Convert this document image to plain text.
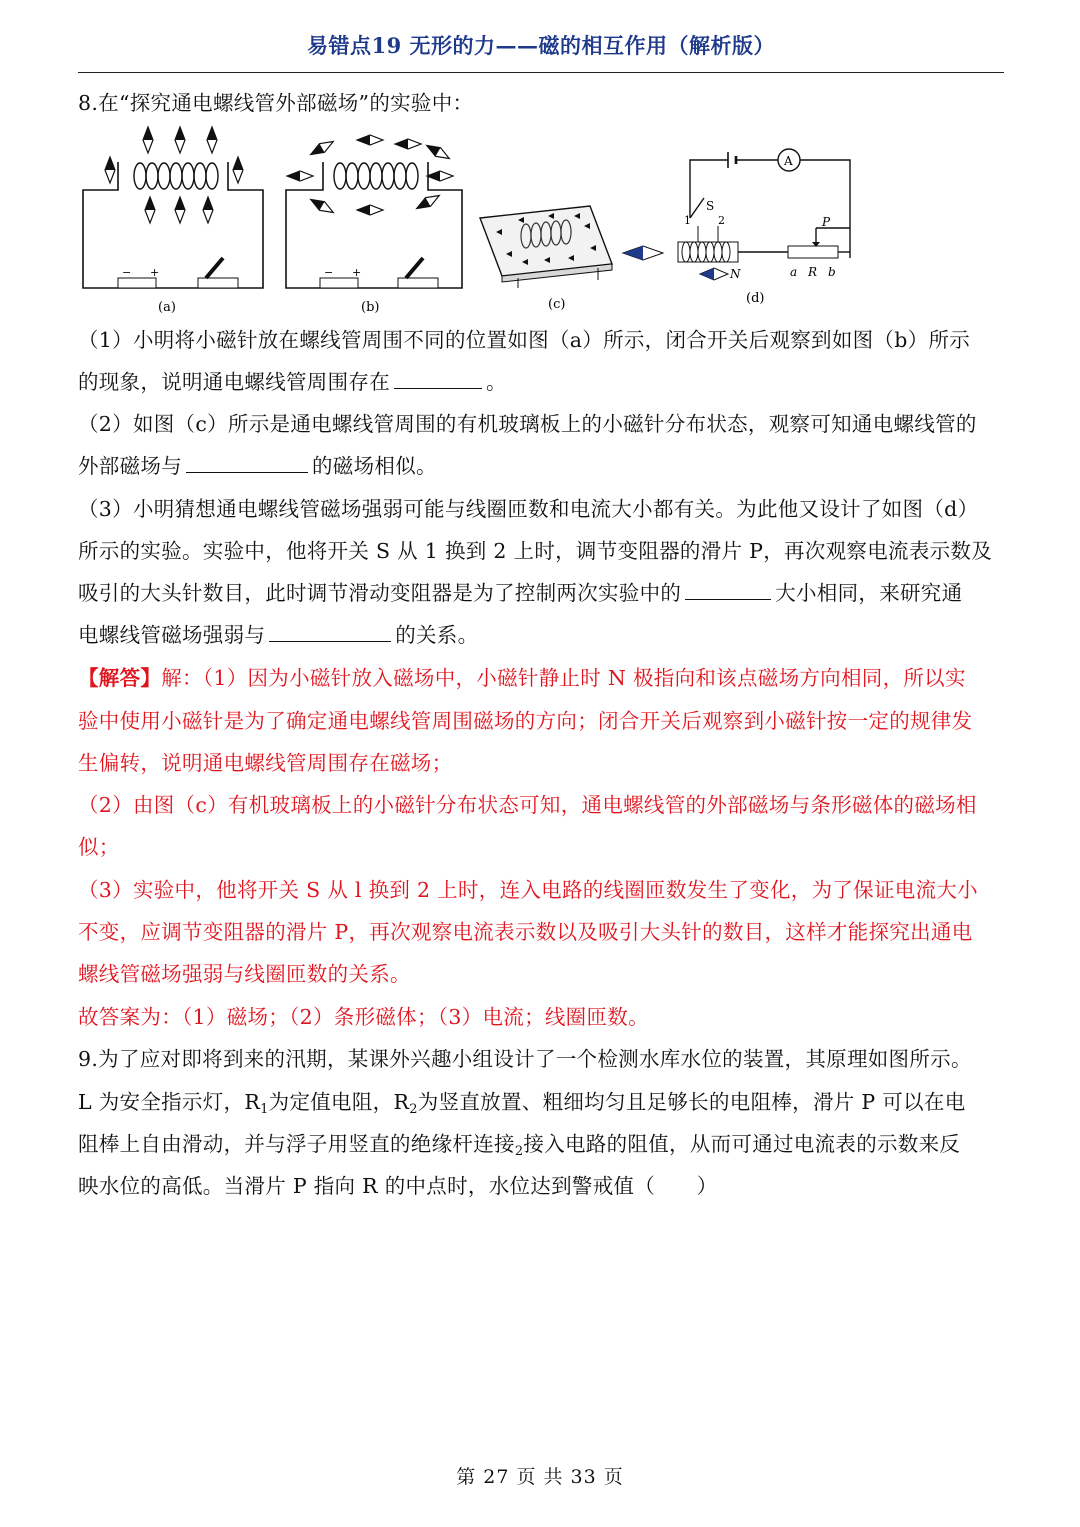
易错点19 无形的力——磁的相互作用（解析版）
8.在“探究通电螺线管外部磁场”的实验中：
− +
(a)
− +
(b)	(c)
A
S
1 2
N
P
a R b
(d)
（1）小明将小磁针放在螺线管周围不同的位置如图（a）所示，闭合开关后观察到如图（b）所示
的现象，说明通电螺线管周围存在	。
（2）如图（c）所示是通电螺线管周围的有机玻璃板上的小磁针分布状态，观察可知通电螺线管的
外部磁场与	的磁场相似。
（3）小明猜想通电螺线管磁场强弱可能与线圈匝数和电流大小都有关。为此他又设计了如图（d）
所示的实验。实验中，他将开关 S 从 1 换到 2 上时，调节变阻器的滑片 P，再次观察电流表示数及
吸引的大头针数目，此时调节滑动变阻器是为了控制两次实验中的	大小相同，来研究通
电螺线管磁场强弱与	的关系。
【解答】解：（1）因为小磁针放入磁场中，小磁针静止时 N 极指向和该点磁场方向相同，所以实
验中使用小磁针是为了确定通电螺线管周围磁场的方向；闭合开关后观察到小磁针按一定的规律发
生偏转，说明通电螺线管周围存在磁场；
（2）由图（c）有机玻璃板上的小磁针分布状态可知，通电螺线管的外部磁场与条形磁体的磁场相
似；
（3）实验中，他将开关 S 从 l 换到 2 上时，连入电路的线圈匝数发生了变化，为了保证电流大小
不变，应调节变阻器的滑片 P，再次观察电流表示数以及吸引大头针的数目，这样才能探究出通电
螺线管磁场强弱与线圈匝数的关系。
故答案为：（1）磁场；（2）条形磁体；（3）电流；线圈匝数。
9.为了应对即将到来的汛期，某课外兴趣小组设计了一个检测水库水位的装置，其原理如图所示。
L 为安全指示灯，$R_1$为定值电阻，$R_2$为竖直放置、粗细均匀且足够长的电阻棒，滑片 P 可以在电
阻棒上自由滑动，并与浮子用竖直的绝缘杆连接$_2$接入电路的阻值，从而可通过电流表的示数来反
映水位的高低。当滑片 P 指向 R 的中点时，水位达到警戒值（　　）
第 27 页 共 33 页
